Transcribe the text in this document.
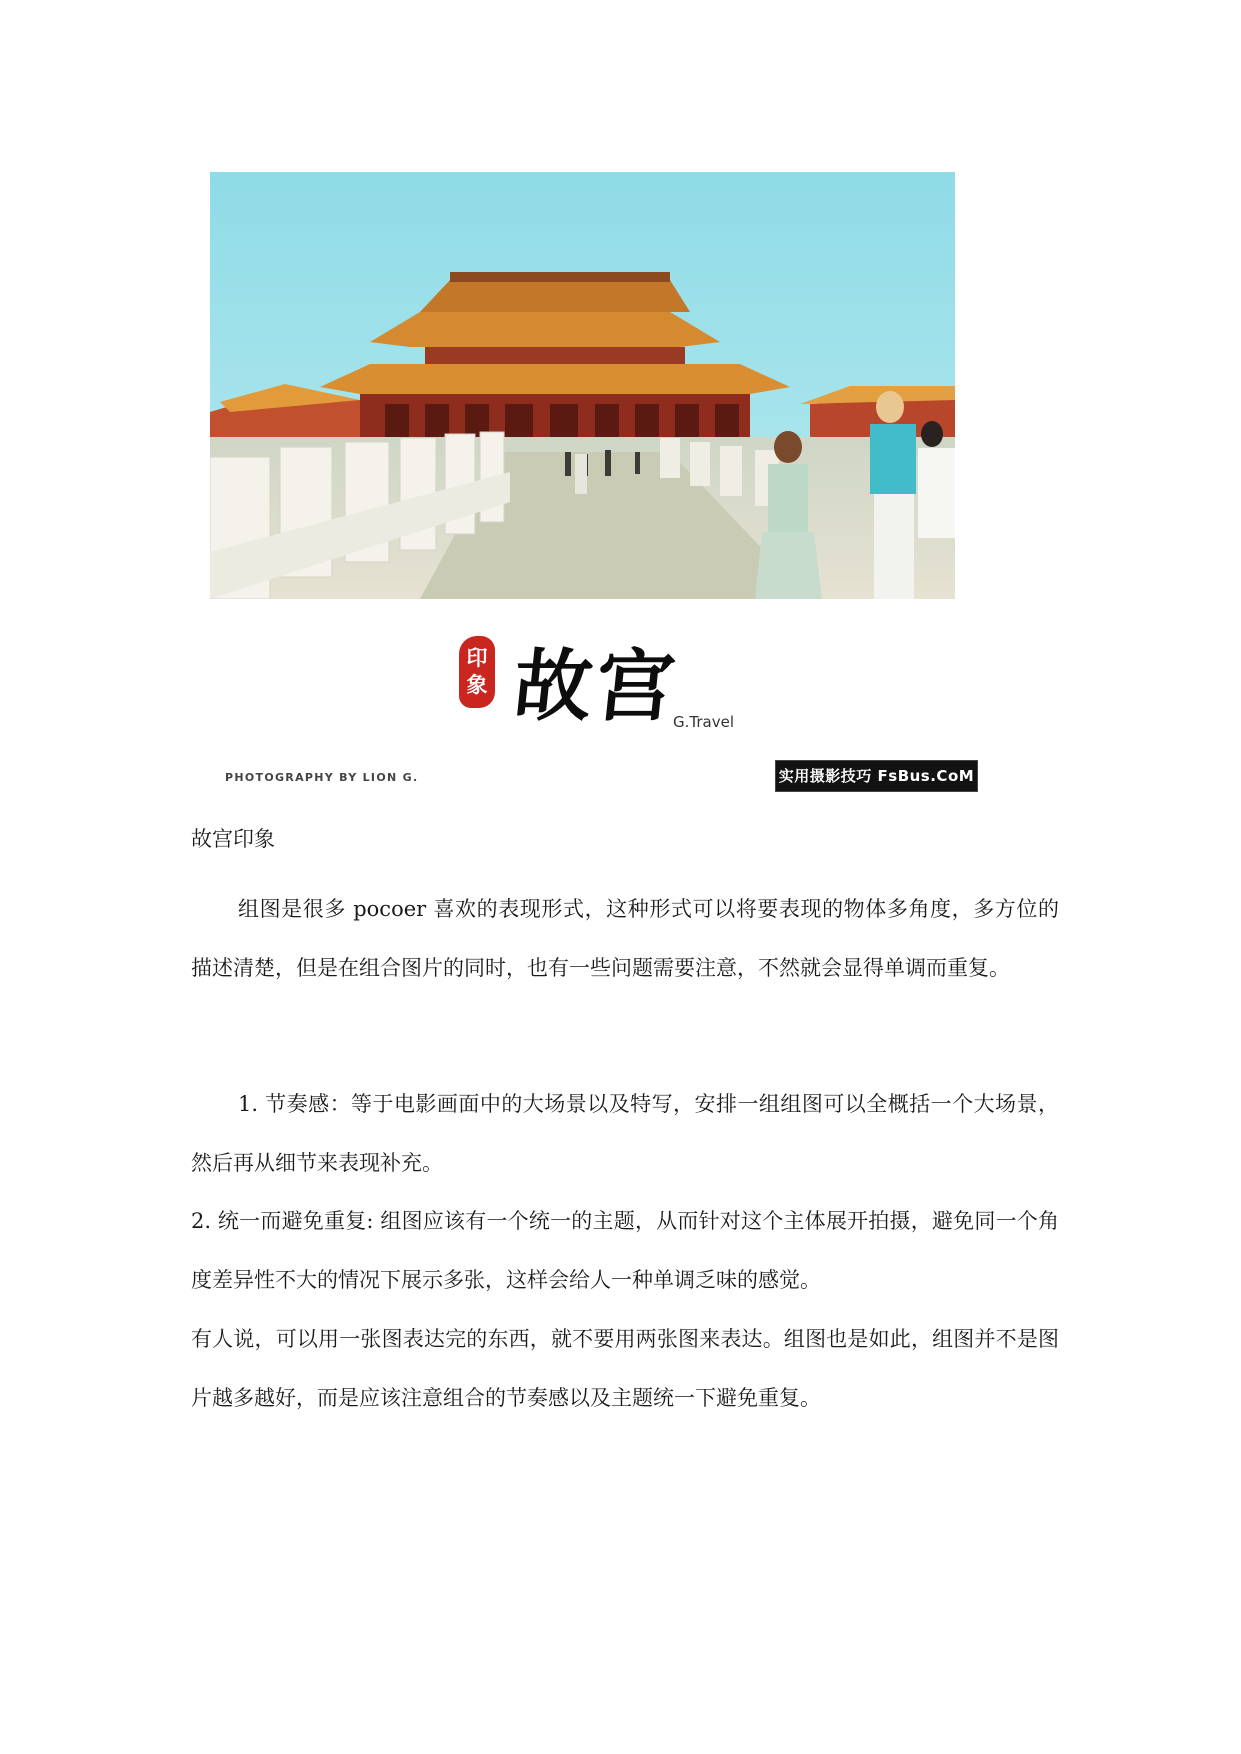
印
象 故宫
G.Travel
PHOTOGRAPHY BY LION G.	实用摄影技巧 FsBus.CoM
故宫印象

组图是很多 pocoer 喜欢的表现形式，这种形式可以将要表现的物体多角度，多方位的描述清楚，但是在组合图片的同时，也有一些问题需要注意，不然就会显得单调而重复。

1. 节奏感：等于电影画面中的大场景以及特写，安排一组组图可以全概括一个大场景，然后再从细节来表现补充。

2. 统一而避免重复: 组图应该有一个统一的主题，从而针对这个主体展开拍摄，避免同一个角度差异性不大的情况下展示多张，这样会给人一种单调乏味的感觉。

有人说，可以用一张图表达完的东西，就不要用两张图来表达。组图也是如此，组图并不是图片越多越好，而是应该注意组合的节奏感以及主题统一下避免重复。
